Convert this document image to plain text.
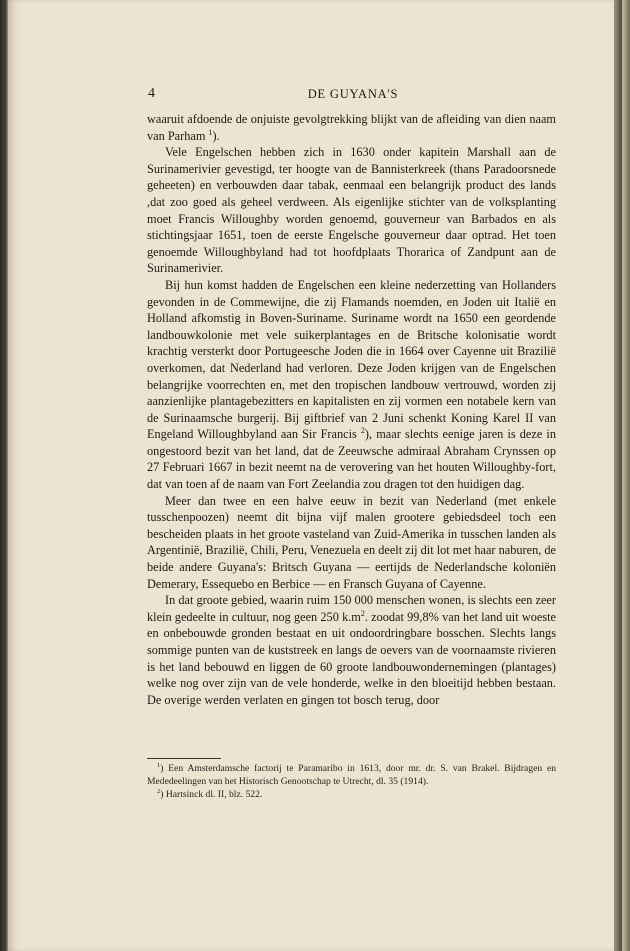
4	DE GUYANA'S

waaruit afdoende de onjuiste gevolgtrekking blijkt van de afleiding van dien naam van Parham $^1$).

Vele Engelschen hebben zich in 1630 onder kapitein Marshall aan de Surinamerivier gevestigd, ter hoogte van de Bannisterkreek (thans Paradoorsnede geheeten) en verbouwden daar tabak, eenmaal een belangrijk product des lands ,dat zoo goed als geheel verdween. Als eigenlijke stichter van de volksplanting moet Francis Willoughby worden genoemd, gouverneur van Barbados en als stichtingsjaar 1651, toen de eerste Engelsche gouverneur daar optrad. Het toen genoemde Willoughbyland had tot hoofdplaats Thorarica of Zandpunt aan de Surinamerivier.

Bij hun komst hadden de Engelschen een kleine nederzetting van Hollanders gevonden in de Commewijne, die zij Flamands noemden, en Joden uit Italië en Holland afkomstig in Boven-Suriname. Suriname wordt na 1650 een geordende landbouwkolonie met vele suikerplantages en de Britsche kolonisatie wordt krachtig versterkt door Portugeesche Joden die in 1664 over Cayenne uit Brazilië overkomen, dat Nederland had verloren. Deze Joden krijgen van de Engelschen belangrijke voorrechten en, met den tropischen landbouw vertrouwd, worden zij aanzienlijke plantagebezitters en kapitalisten en zij vormen een notabele kern van de Surinaamsche burgerij. Bij giftbrief van 2 Juni schenkt Koning Karel II van Engeland Willoughbyland aan Sir Francis $^2$), maar slechts eenige jaren is deze in ongestoord bezit van het land, dat de Zeeuwsche admiraal Abraham Crynssen op 27 Februari 1667 in bezit neemt na de verovering van het houten Willoughby-fort, dat van toen af de naam van Fort Zeelandia zou dragen tot den huidigen dag.

Meer dan twee en een halve eeuw in bezit van Nederland (met enkele tusschenpoozen) neemt dit bijna vijf malen grootere gebiedsdeel toch een bescheiden plaats in het groote vasteland van Zuid-Amerika in tusschen landen als Argentinië, Brazilië, Chili, Peru, Venezuela en deelt zij dit lot met haar naburen, de beide andere Guyana's: Britsch Guyana — eertijds de Nederlandsche koloniën Demerary, Essequebo en Berbice — en Fransch Guyana of Cayenne.

In dat groote gebied, waarin ruim 150 000 menschen wonen, is slechts een zeer klein gedeelte in cultuur, nog geen 250 $k.m^2$. zoodat 99,8% van het land uit woeste en onbebouwde gronden bestaat en uit ondoordringbare bosschen. Slechts langs sommige punten van de kuststreek en langs de oevers van de voornaamste rivieren is het land bebouwd en liggen de 60 groote landbouwondernemingen (plantages) welke nog over zijn van de vele honderde, welke in den bloeitijd hebben bestaan. De overige werden verlaten en gingen tot bosch terug, door

$^1$) Een Amsterdamsche factorij te Paramaribo in 1613, door mr. dr. S. van Brakel. Bijdragen en Mededeelingen van het Historisch Genootschap te Utrecht, dl. 35 (1914).

$^2$) Hartsinck dl. II, blz. 522.
